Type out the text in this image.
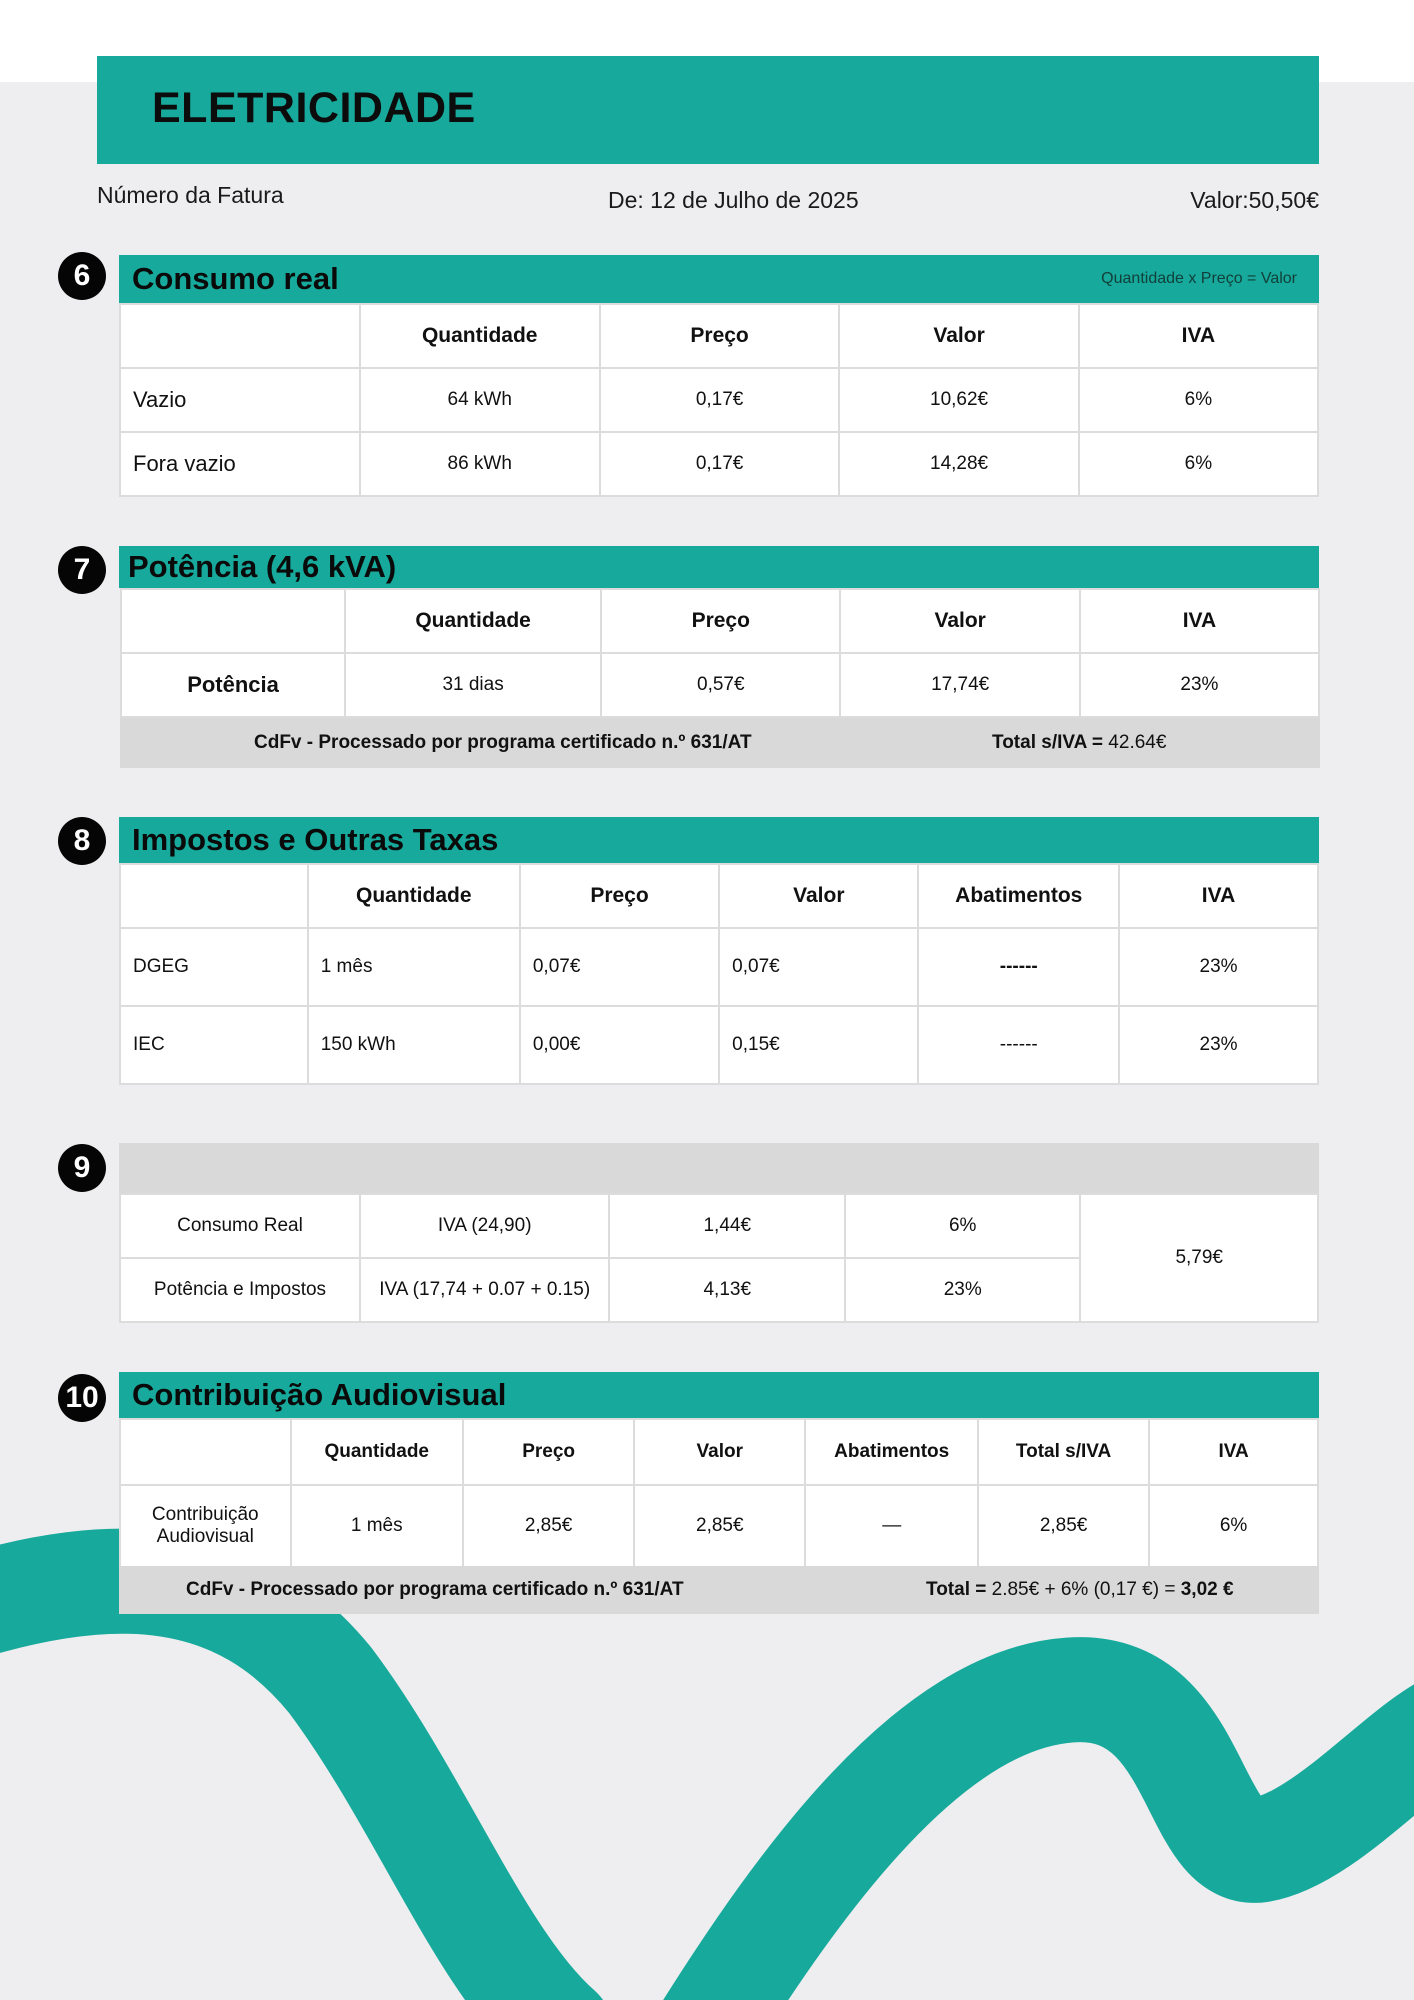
ELETRICIDADE
Número da Fatura	De: 12 de Julho de 2025	Valor:50,50€
6	Consumo real	Quantidade x Preço = Valor
	Quantidade	Preço	Valor	IVA
Vazio	64 kWh	0,17€	10,62€	6%
Fora vazio	86 kWh	0,17€	14,28€	6%
7	Potência (4,6 kVA)
	Quantidade	Preço	Valor	IVA
Potência	31 dias	0,57€	17,74€	23%
CdFv - Processado por programa certificado n.º 631/AT	Total s/IVA = 42.64€
8	Impostos e Outras Taxas
	Quantidade	Preço	Valor	Abatimentos	IVA
DGEG	1 mês	0,07€	0,07€	------	23%
IEC	150 kWh	0,00€	0,15€	------	23%
9
Consumo Real	IVA (24,90)	1,44€	6%	5,79€
Potência e Impostos	IVA (17,74 + 0.07 + 0.15)	4,13€	23%	
10 Contribuição Audiovisual
	Quantidade	Preço	Valor	Abatimentos	Total s/IVA	IVA

Contribuição
Audiovisual	1 mês	2,85€	2,85€	—	2,85€	6%
CdFv - Processado por programa certificado n.º 631/AT	Total = 2.85€ + 6% (0,17 €) = 3,02 €
